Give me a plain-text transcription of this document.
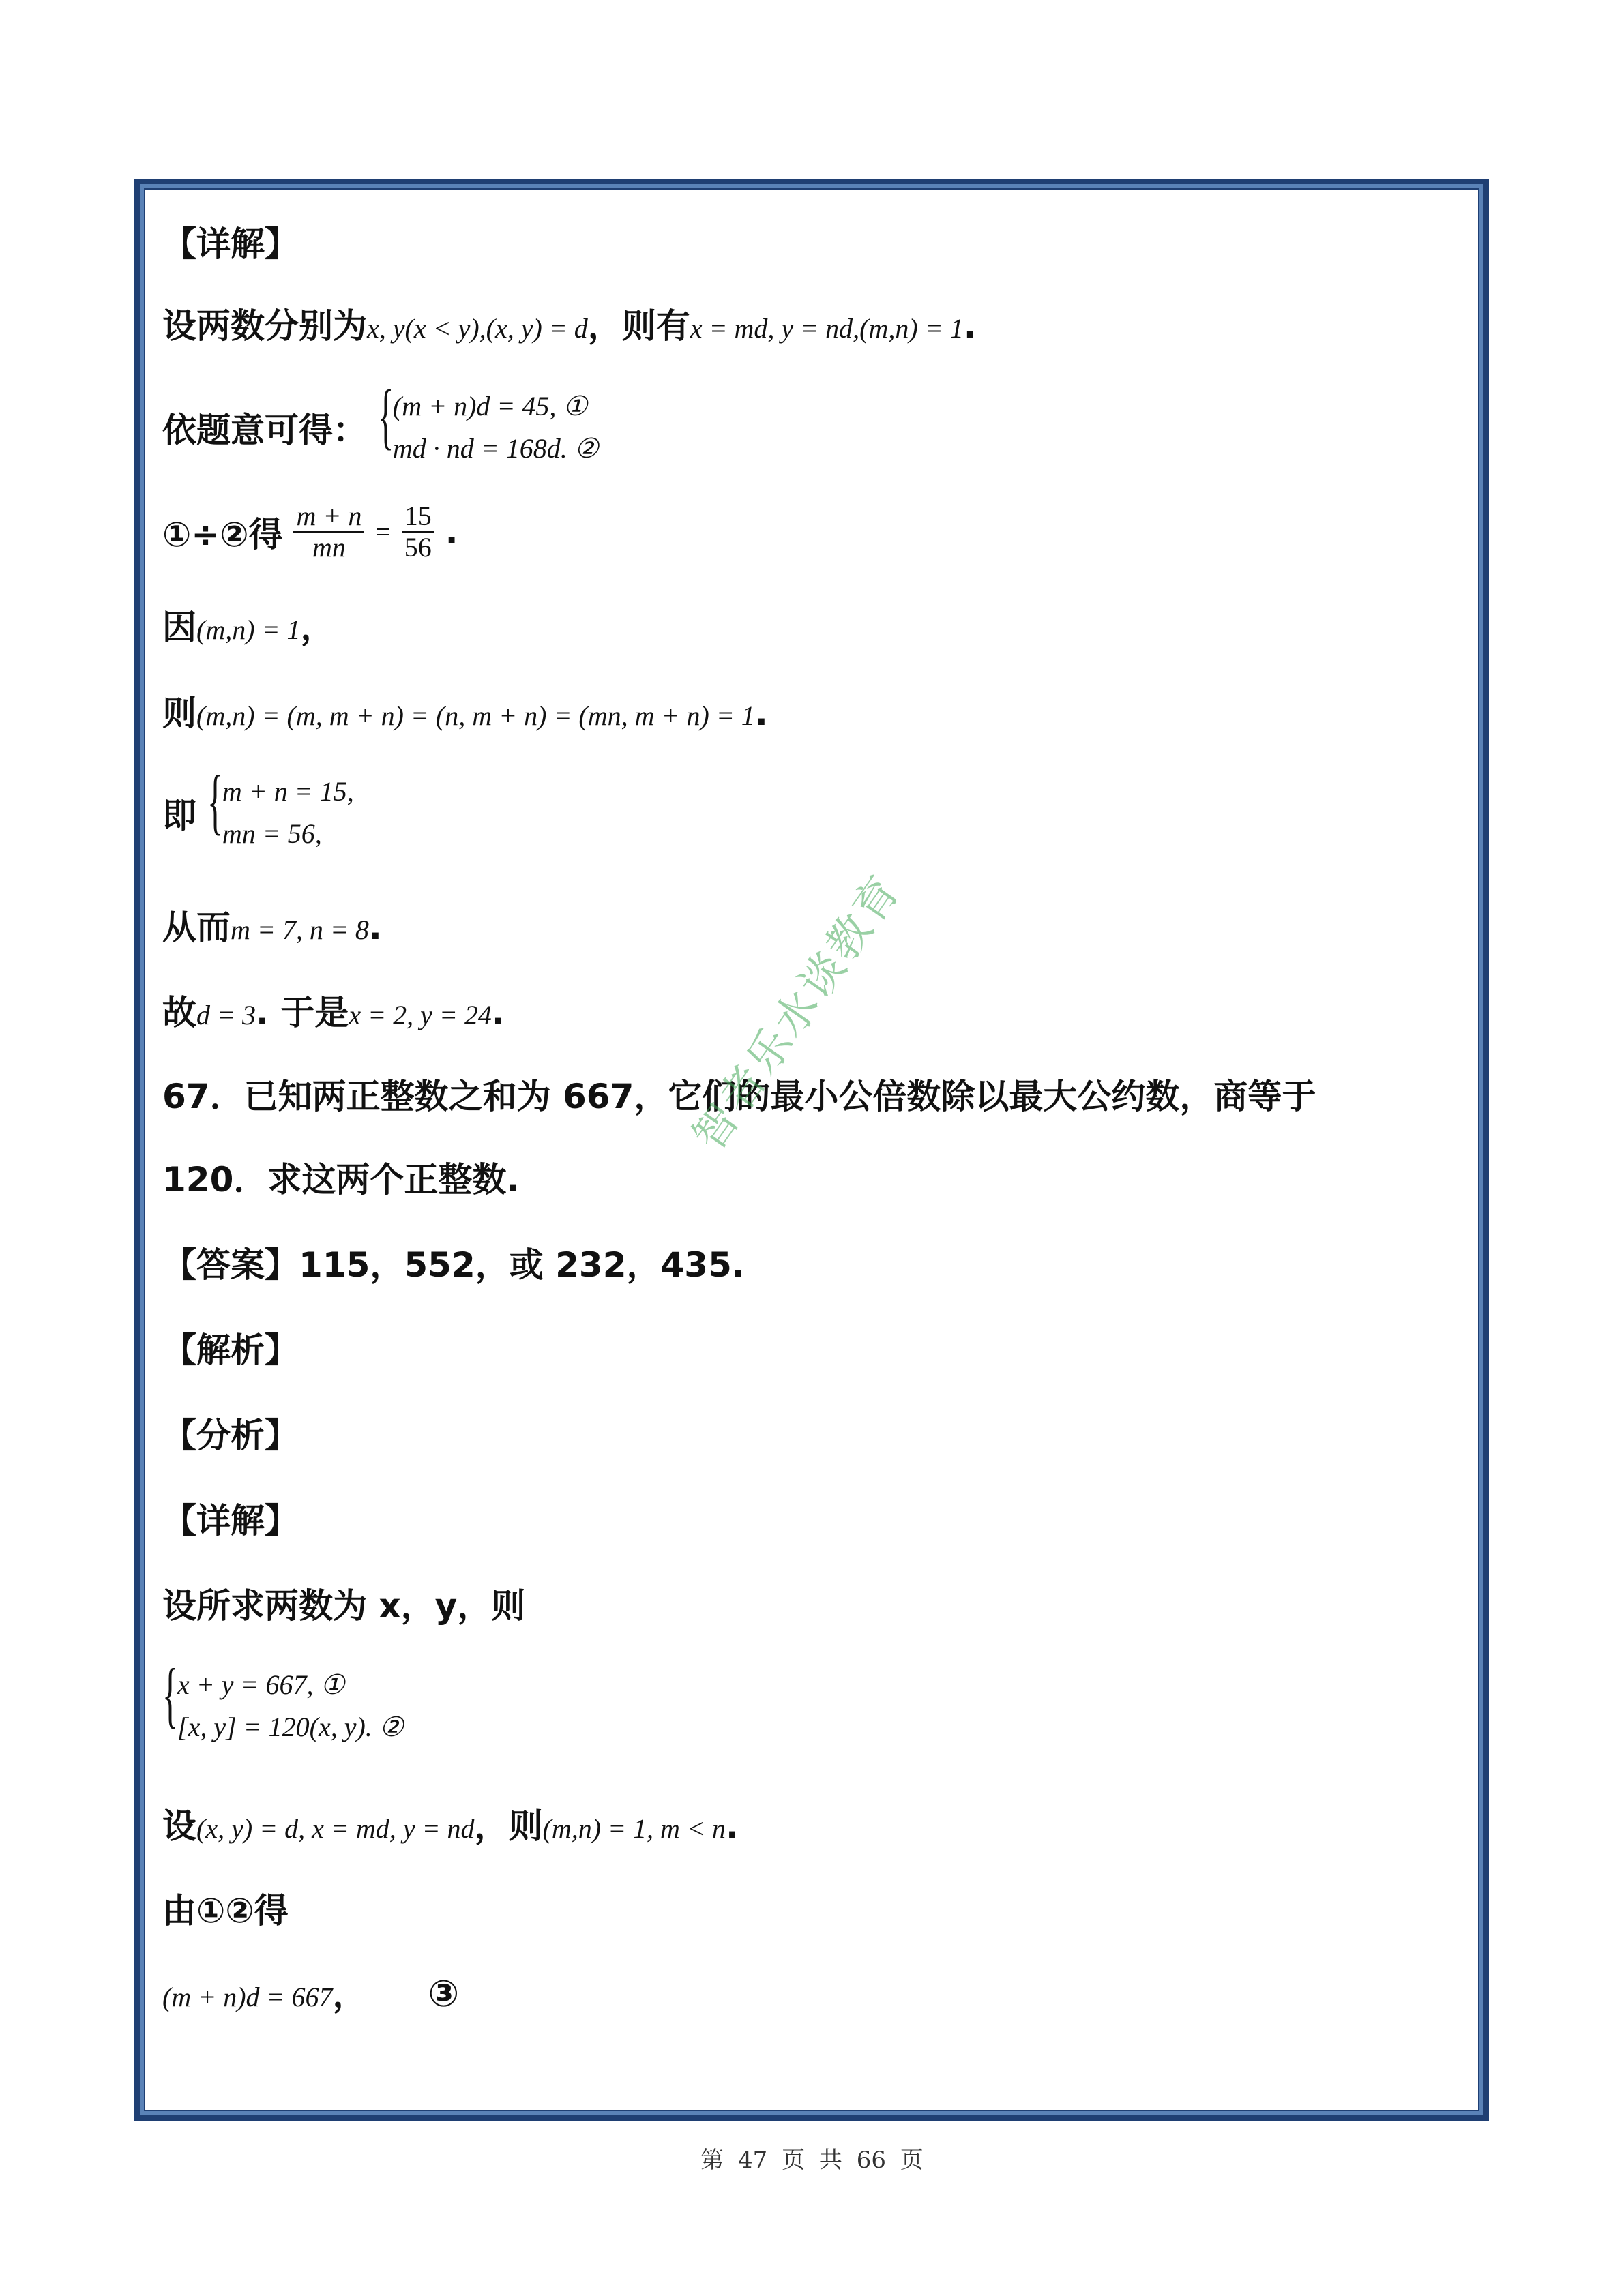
【详解】
设两数分别为x, y(x < y),(x, y) = d，则有x = md, y = nd,(m,n) = 1.
依题意可得： {
(m + n)d = 45, ①
md · nd = 168d. ②
①÷②得 $\frac{m + n}{mn} = \frac{15}{56}$ .
因(m,n) = 1，
则(m,n) = (m, m + n) = (n, m + n) = (mn, m + n) = 1.
即 {
m + n = 15,
mn = 56,
从而m = 7, n = 8.
故d = 3. 于是x = 2, y = 24.
67．已知两正整数之和为 667，它们的最小公倍数除以最大公约数，商等于
120．求这两个正整数.
【答案】115，552，或 232，435.
【解析】
【分析】
【详解】
设所求两数为 x，y，则
{
x + y = 667, ①
[x, y] = 120(x, y). ②
设(x, y) = d, x = md, y = nd，则(m,n) = 1, m < n.
由①②得
(m + n)d = 667， ③
智者乐水谈教育
第 47 页 共 66 页
